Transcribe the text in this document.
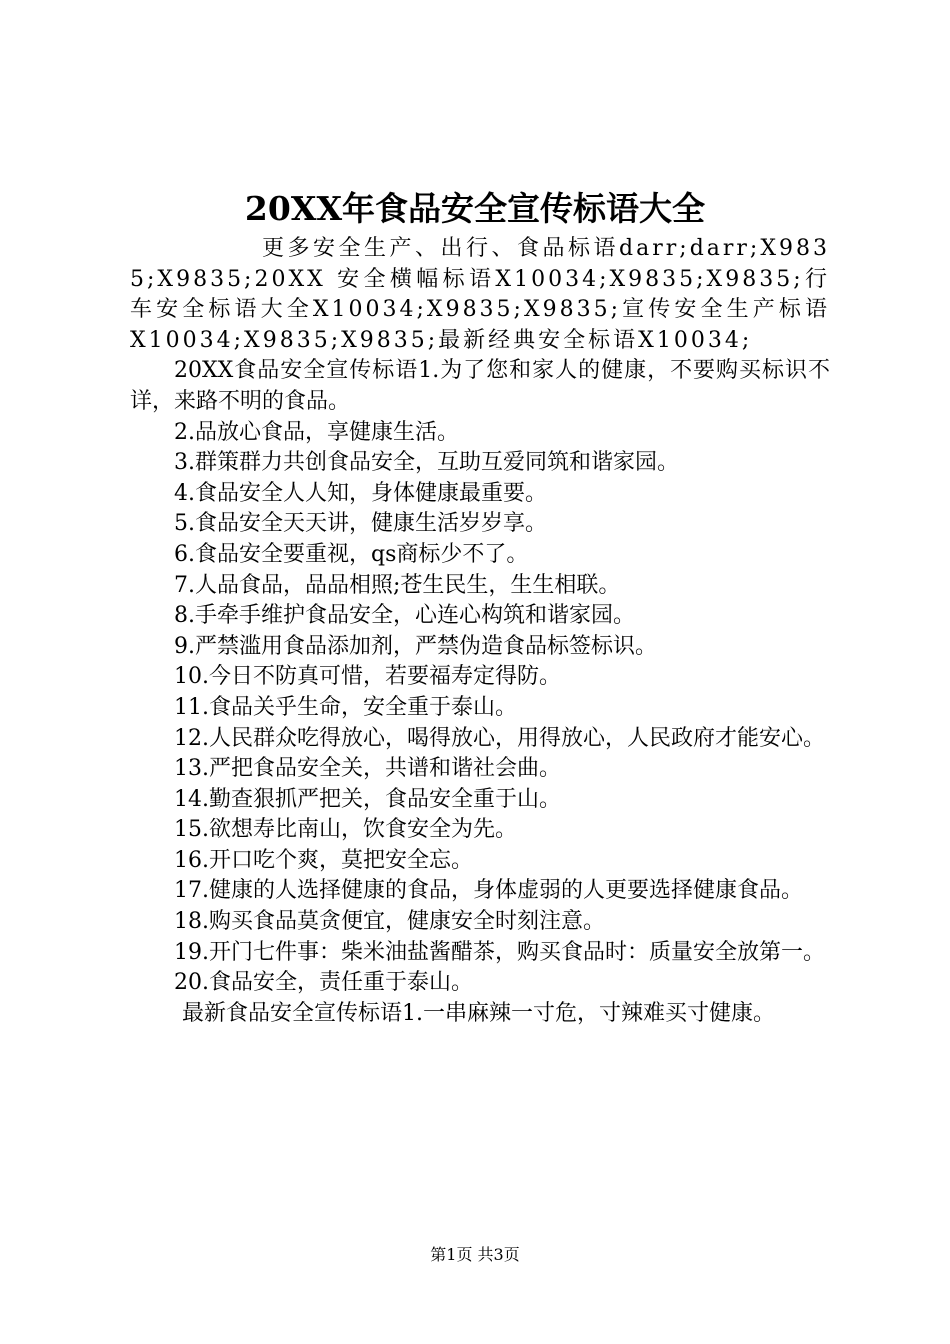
20XX年食品安全宣传标语大全

更多安全生产、出行、食品标语darr;darr;X9835;X9835;20XX 安全横幅标语X10034;X9835;X9835;行车安全标语大全X10034;X9835;X9835;宣传安全生产标语X10034;X9835;X9835;最新经典安全标语X10034;

20XX食品安全宣传标语1.为了您和家人的健康，不要购买标识不详，来路不明的食品。

2.品放心食品，享健康生活。

3.群策群力共创食品安全，互助互爱同筑和谐家园。

4.食品安全人人知，身体健康最重要。

5.食品安全天天讲，健康生活岁岁享。

6.食品安全要重视，qs商标少不了。

7.人品食品，品品相照;苍生民生，生生相联。

8.手牵手维护食品安全，心连心构筑和谐家园。

9.严禁滥用食品添加剂，严禁伪造食品标签标识。

10.今日不防真可惜，若要福寿定得防。

11.食品关乎生命，安全重于泰山。

12.人民群众吃得放心，喝得放心，用得放心，人民政府才能安心。

13.严把食品安全关，共谱和谐社会曲。

14.勤查狠抓严把关，食品安全重于山。

15.欲想寿比南山，饮食安全为先。

16.开口吃个爽，莫把安全忘。

17.健康的人选择健康的食品，身体虚弱的人更要选择健康食品。

18.购买食品莫贪便宜，健康安全时刻注意。

19.开门七件事：柴米油盐酱醋茶，购买食品时：质量安全放第一。

20.食品安全，责任重于泰山。

最新食品安全宣传标语1.一串麻辣一寸危，寸辣难买寸健康。

第1页 共3页
